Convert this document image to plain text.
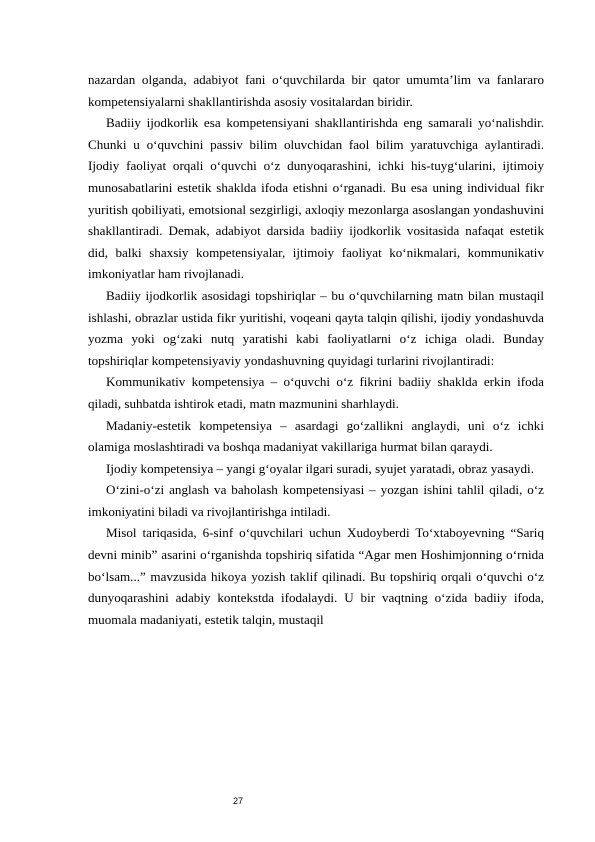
nazardan olganda, adabiyot fani o‘quvchilarda bir qator umumta’lim va fanlararo kompetensiyalarni shakllantirishda asosiy vositalardan biridir.

Badiiy ijodkorlik esa kompetensiyani shakllantirishda eng samarali yo‘nalishdir. Chunki u o‘quvchini passiv bilim oluvchidan faol bilim yaratuvchiga aylantiradi. Ijodiy faoliyat orqali o‘quvchi o‘z dunyoqarashini, ichki his-tuyg‘ularini, ijtimoiy munosabatlarini estetik shaklda ifoda etishni o‘rganadi. Bu esa uning individual fikr yuritish qobiliyati, emotsional sezgirligi, axloqiy mezonlarga asoslangan yondashuvini shakllantiradi. Demak, adabiyot darsida badiiy ijodkorlik vositasida nafaqat estetik did, balki shaxsiy kompetensiyalar, ijtimoiy faoliyat ko‘nikmalari, kommunikativ imkoniyatlar ham rivojlanadi.

Badiiy ijodkorlik asosidagi topshiriqlar – bu o‘quvchilarning matn bilan mustaqil ishlashi, obrazlar ustida fikr yuritishi, voqeani qayta talqin qilishi, ijodiy yondashuvda yozma yoki og‘zaki nutq yaratishi kabi faoliyatlarni o‘z ichiga oladi. Bunday topshiriqlar kompetensiyaviy yondashuvning quyidagi turlarini rivojlantiradi:

Kommunikativ kompetensiya – o‘quvchi o‘z fikrini badiiy shaklda erkin ifoda qiladi, suhbatda ishtirok etadi, matn mazmunini sharhlaydi.

Madaniy-estetik kompetensiya – asardagi go‘zallikni anglaydi, uni o‘z ichki olamiga moslashtiradi va boshqa madaniyat vakillariga hurmat bilan qaraydi.

Ijodiy kompetensiya – yangi g‘oyalar ilgari suradi, syujet yaratadi, obraz yasaydi.

O‘zini-o‘zi anglash va baholash kompetensiyasi – yozgan ishini tahlil qiladi, o‘z imkoniyatini biladi va rivojlantirishga intiladi.

Misol tariqasida, 6-sinf o‘quvchilari uchun Xudoyberdi To‘xtaboyevning “Sariq devni minib” asarini o‘rganishda topshiriq sifatida “Agar men Hoshimjonning o‘rnida bo‘lsam...” mavzusida hikoya yozish taklif qilinadi. Bu topshiriq orqali o‘quvchi o‘z dunyoqarashini adabiy kontekstda ifodalaydi. U bir vaqtning o‘zida badiiy ifoda, muomala madaniyati, estetik talqin, mustaqil

27
